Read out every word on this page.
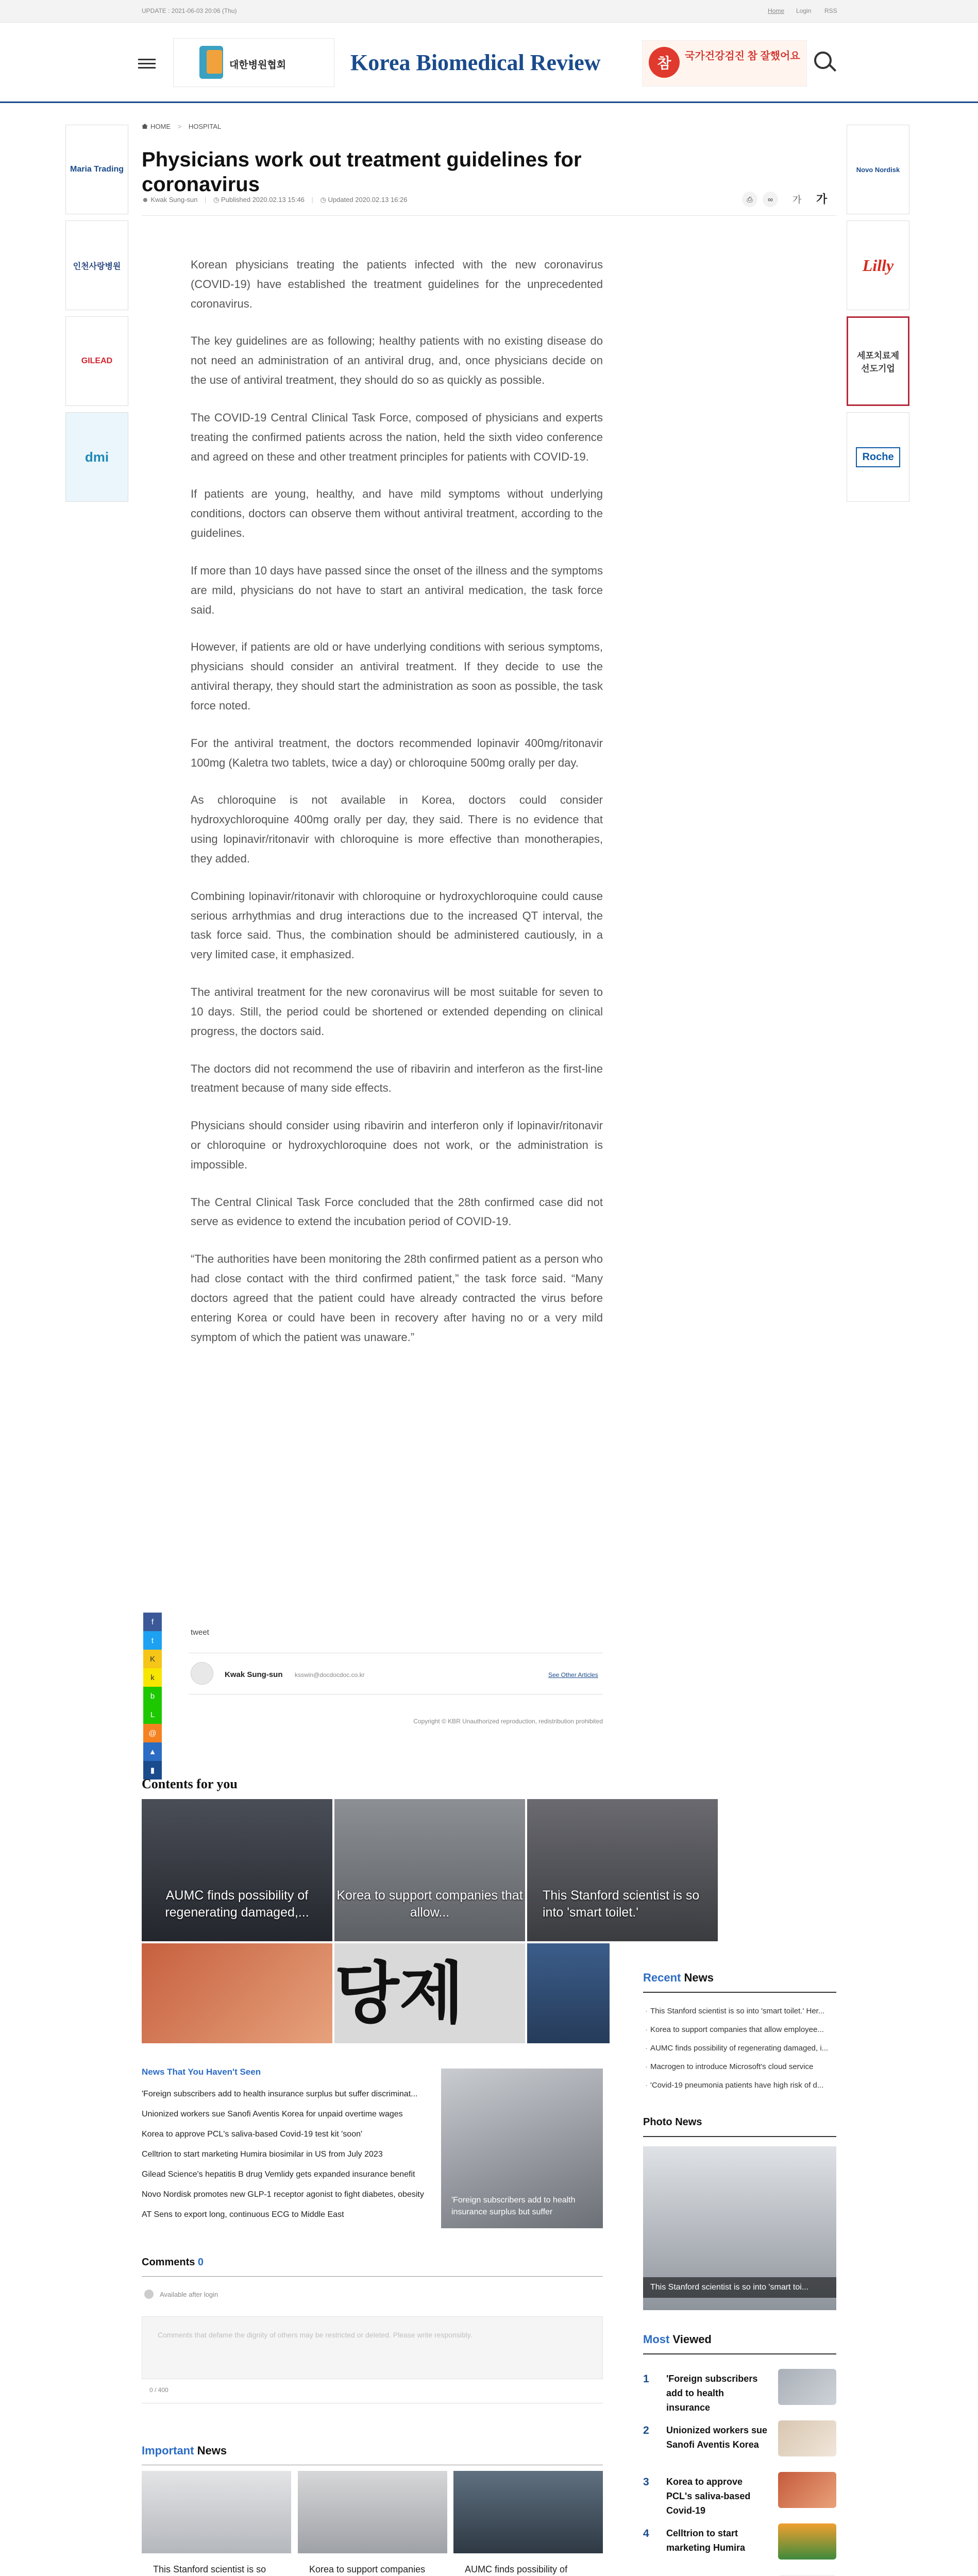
UPDATE : 2021-06-03 20:06 (Thu)	Home Login RSS
대한병원협회	Korea Biomedical Review	참	국가건강검진 참 잘했어요
Maria Trading
인천사랑병원
GILEAD
dmi
Novo Nordisk
Lilly
세포치료제 선도기업
Roche
HOME > HOSPITAL
Physicians work out treatment guidelines for coronavirus
☻ Kwak Sung-sun | ◷ Published 2020.02.13 15:46 | ◷ Updated 2020.02.13 16:26	⎙	∞	가 가

Korean physicians treating the patients infected with the new coronavirus (COVID-19) have established the treatment guidelines for the unprecedented coronavirus.

The key guidelines are as following; healthy patients with no existing disease do not need an administration of an antiviral drug, and, once physicians decide on the use of antiviral treatment, they should do so as quickly as possible.

The COVID-19 Central Clinical Task Force, composed of physicians and experts treating the confirmed patients across the nation, held the sixth video conference and agreed on these and other treatment principles for patients with COVID-19.

If patients are young, healthy, and have mild symptoms without underlying conditions, doctors can observe them without antiviral treatment, according to the guidelines.

If more than 10 days have passed since the onset of the illness and the symptoms are mild, physicians do not have to start an antiviral medication, the task force said.

However, if patients are old or have underlying conditions with serious symptoms, physicians should consider an antiviral treatment. If they decide to use the antiviral therapy, they should start the administration as soon as possible, the task force noted.

For the antiviral treatment, the doctors recommended lopinavir 400mg/ritonavir 100mg (Kaletra two tablets, twice a day) or chloroquine 500mg orally per day.

As chloroquine is not available in Korea, doctors could consider hydroxychloroquine 400mg orally per day, they said. There is no evidence that using lopinavir/ritonavir with chloroquine is more effective than monotherapies, they added.

Combining lopinavir/ritonavir with chloroquine or hydroxychloroquine could cause serious arrhythmias and drug interactions due to the increased QT interval, the task force said. Thus, the combination should be administered cautiously, in a very limited case, it emphasized.

The antiviral treatment for the new coronavirus will be most suitable for seven to 10 days. Still, the period could be shortened or extended depending on clinical progress, the doctors said.

The doctors did not recommend the use of ribavirin and interferon as the first-line treatment because of many side effects.

Physicians should consider using ribavirin and interferon only if lopinavir/ritonavir or chloroquine or hydroxychloroquine does not work, or the administration is impossible.

The Central Clinical Task Force concluded that the 28th confirmed case did not serve as evidence to extend the incubation period of COVID-19.

“The authorities have been monitoring the 28th confirmed patient as a person who had close contact with the third confirmed patient,” the task force said. “Many doctors agreed that the patient could have already contracted the virus before entering Korea or could have been in recovery after having no or a very mild symptom of which the patient was unaware.”

f
t
K
k
b
L
@
▲
▮
tweet
Kwak Sung-sun ksswin@docdocdoc.co.kr	See Other Articles
Copyright © KBR Unauthorized reproduction, redistribution prohibited
Contents for you
AUMC finds possibility of regenerating damaged,...
Korea to support companies that allow...
This Stanford scientist is so into 'smart toilet.'
당제
News That You Haven't Seen
'Foreign subscribers add to health insurance surplus but suffer discriminat...
Unionized workers sue Sanofi Aventis Korea for unpaid overtime wages
Korea to approve PCL's saliva-based Covid-19 test kit 'soon'
Celltrion to start marketing Humira biosimilar in US from July 2023
Gilead Science's hepatitis B drug Vemlidy gets expanded insurance benefit
Novo Nordisk promotes new GLP-1 receptor agonist to fight diabetes, obesity
AT Sens to export long, continuous ECG to Middle East
'Foreign subscribers add to health insurance surplus but suffer
Comments 0
Available after login
Comments that defame the dignity of others may be restricted or deleted. Please write responsibly.
0 / 400
Important News
This Stanford scientist is so	Korea to support companies	AUMC finds possibility of
Recent News
· This Stanford scientist is so into 'smart toilet.' Her...
· Korea to support companies that allow employee...
· AUMC finds possibility of regenerating damaged, i...
· Macrogen to introduce Microsoft's cloud service
· 'Covid-19 pneumonia patients have high risk of d...
Photo News
This Stanford scientist is so into 'smart toi...
Most Viewed
1 'Foreign subscribers add to health insurance
2 Unionized workers sue Sanofi Aventis Korea
3 Korea to approve PCL's saliva-based Covid-19
4 Celltrion to start marketing Humira
